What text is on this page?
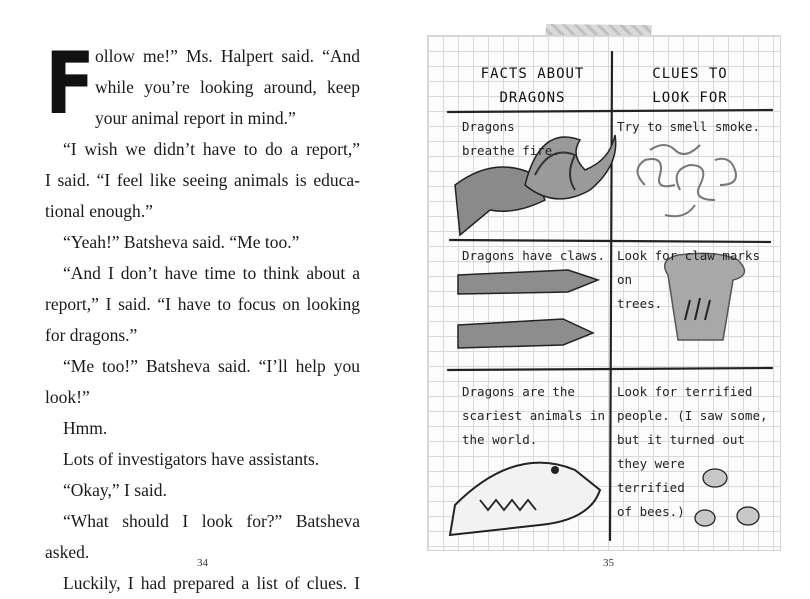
F ollow me!” Ms. Halpert said. “And
while you’re looking around, keep
your animal report in mind.”
“I wish we didn’t have to do a report,”
I said. “I feel like seeing animals is educa-
tional enough.”
“Yeah!” Batsheva said. “Me too.”
“And I don’t have time to think about a
report,” I said. “I have to focus on looking
for dragons.”
“Me too!” Batsheva said. “I’ll help you
look!”
Hmm.
Lots of investigators have assistants.
“Okay,” I said.
“What should I look for?” Batsheva
asked.
Luckily, I had prepared a list of clues. I
34
FACTS ABOUT
DRAGONS
CLUES TO
LOOK FOR
Dragons
breathe fire.
Try to smell smoke.
Dragons have claws. Look for claw marks
on
trees.
Dragons are the
scariest animals in
the world.
Look for terrified
people. (I saw some,
but it turned out
they were
terrified
of bees.)
35
